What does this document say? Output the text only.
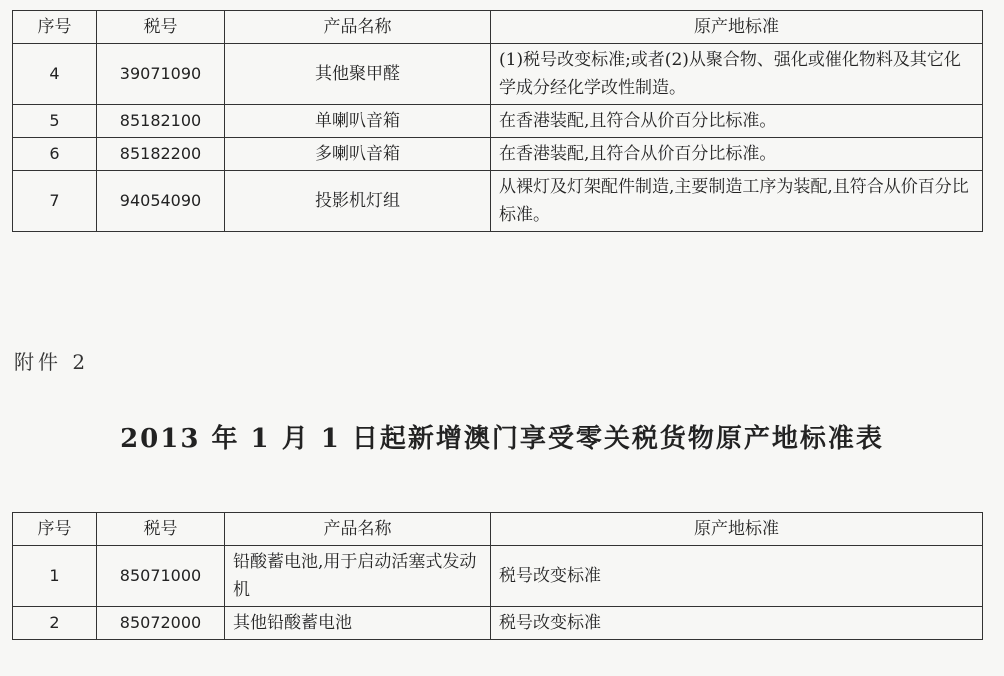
序号	税号	产品名称	原产地标准
4	39071090	其他聚甲醛	(1)税号改变标准;或者(2)从聚合物、强化或催化物料及其它化学成分经化学改性制造。
5	85182100	单喇叭音箱	在香港装配,且符合从价百分比标准。
6	85182200	多喇叭音箱	在香港装配,且符合从价百分比标准。
7	94054090	投影机灯组	从裸灯及灯架配件制造,主要制造工序为装配,且符合从价百分比标准。
附件 2
2013 年 1 月 1 日起新增澳门享受零关税货物原产地标准表
序号	税号	产品名称	原产地标准
1	85071000	铅酸蓄电池,用于启动活塞式发动机	税号改变标准
2	85072000	其他铅酸蓄电池	税号改变标准
